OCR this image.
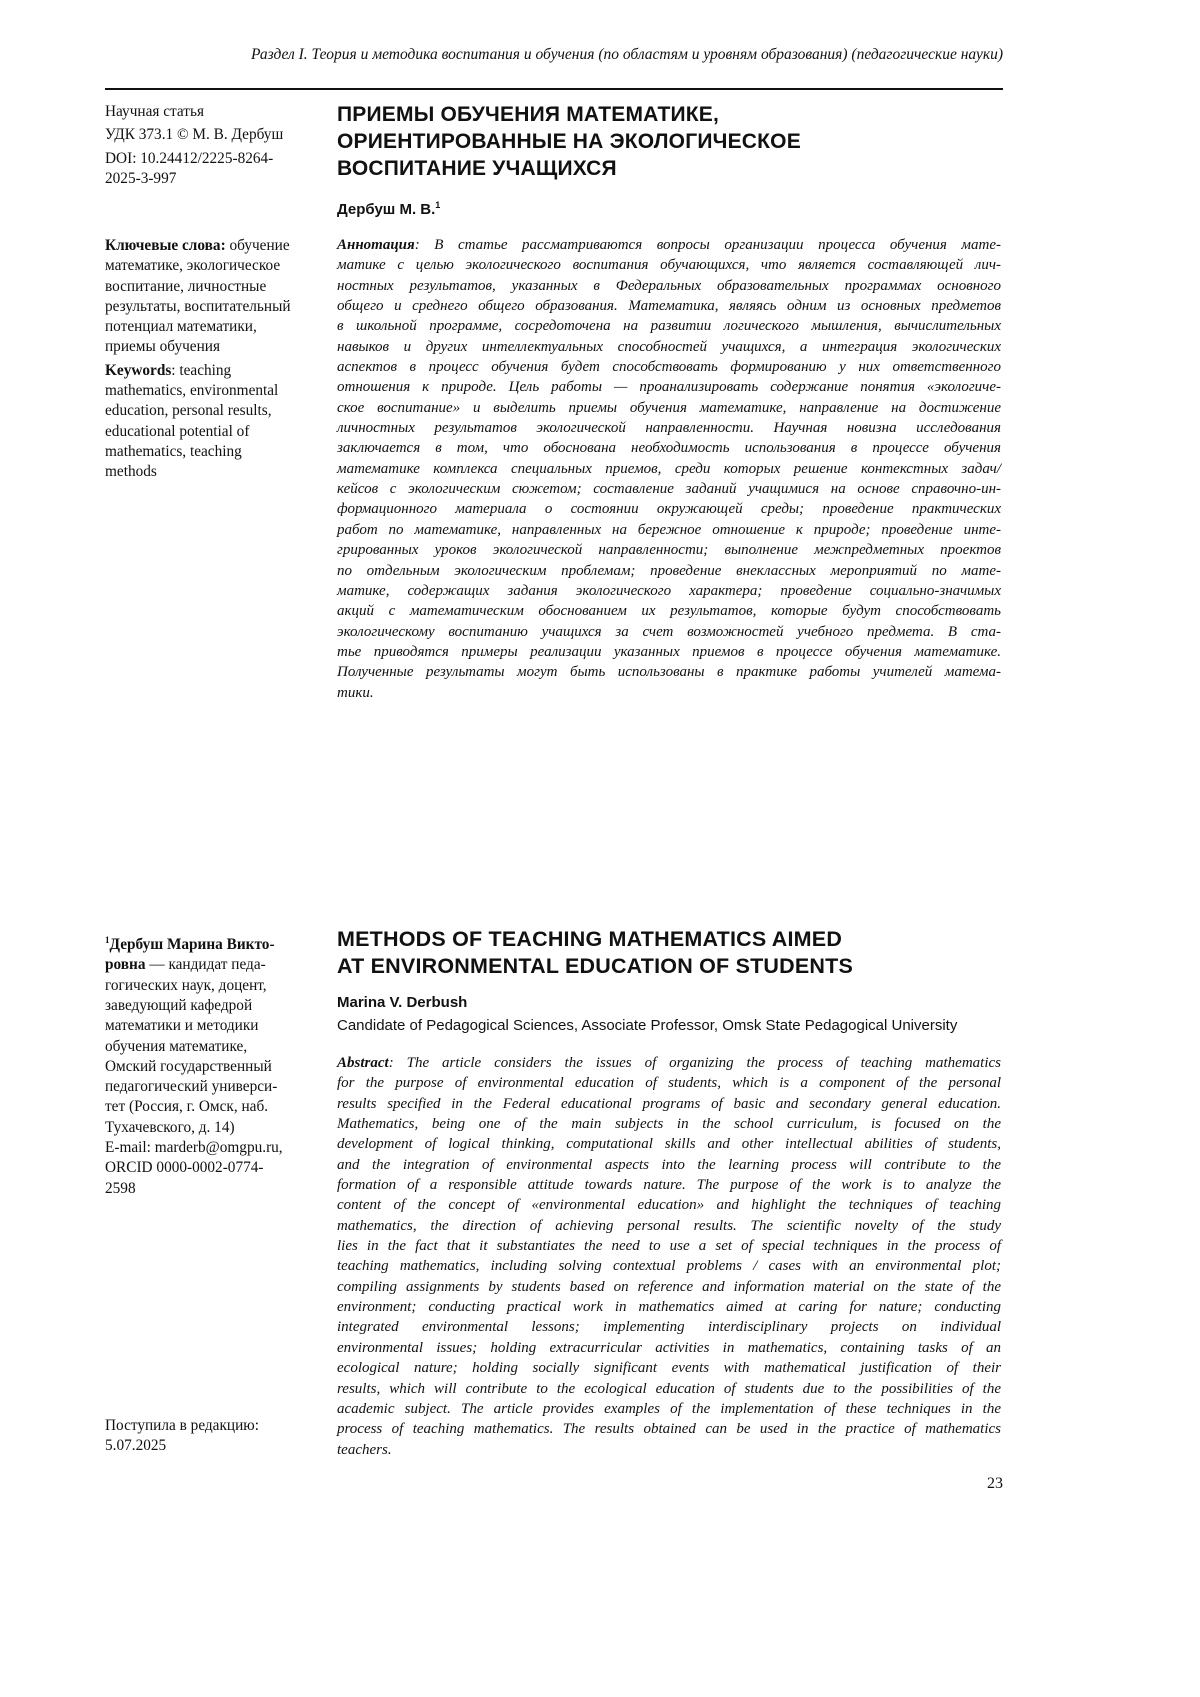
Раздел I. Теория и методика воспитания и обучения (по областям и уровням образования) (педагогические науки)
Научная статья
УДК 373.1 © М. В. Дербуш
DOI: 10.24412/2225-8264-
2025-3-997
Ключевые слова: обучение
математике, экологическое
воспитание, личностные
результаты, воспитательный
потенциал математики,
приемы обучения
Keywords: teaching
mathematics, environmental
education, personal results,
educational potential of
mathematics, teaching
methods
ПРИЕМЫ ОБУЧЕНИЯ МАТЕМАТИКЕ,
ОРИЕНТИРОВАННЫЕ НА ЭКОЛОГИЧЕСКОЕ
ВОСПИТАНИЕ УЧАЩИХСЯ
Дербуш М. В.1
Аннотация: В статье рассматриваются вопросы организации процесса обучения мате-
матике с целью экологического воспитания обучающихся, что является составляющей лич-
ностных результатов, указанных в Федеральных образовательных программах основного
общего и среднего общего образования. Математика, являясь одним из основных предметов
в школьной программе, сосредоточена на развитии логического мышления, вычислительных
навыков и других интеллектуальных способностей учащихся, а интеграция экологических
аспектов в процесс обучения будет способствовать формированию у них ответственного
отношения к природе. Цель работы — проанализировать содержание понятия «экологиче-
ское воспитание» и выделить приемы обучения математике, направление на достижение
личностных результатов экологической направленности. Научная новизна исследования
заключается в том, что обоснована необходимость использования в процессе обучения
математике комплекса специальных приемов, среди которых решение контекстных задач/
кейсов с экологическим сюжетом; составление заданий учащимися на основе справочно-ин-
формационного материала о состоянии окружающей среды; проведение практических
работ по математике, направленных на бережное отношение к природе; проведение инте-
грированных уроков экологической направленности; выполнение межпредметных проектов
по отдельным экологическим проблемам; проведение внеклассных мероприятий по мате-
матике, содержащих задания экологического характера; проведение социально-значимых
акций с математическим обоснованием их результатов, которые будут способствовать
экологическому воспитанию учащихся за счет возможностей учебного предмета. В ста-
тье приводятся примеры реализации указанных приемов в процессе обучения математике.
Полученные результаты могут быть использованы в практике работы учителей матема-
тики.
1Дербуш Марина Викто-
ровна — кандидат педа-
гогических наук, доцент,
заведующий кафедрой
математики и методики
обучения математике,
Омский государственный
педагогический универси-
тет (Россия, г. Омск, наб.
Тухачевского, д. 14)
E-mail: marderb@omgpu.ru,
ORCID 0000-0002-0774-
2598
Поступила в редакцию:
5.07.2025
METHODS OF TEACHING MATHEMATICS AIMED
AT ENVIRONMENTAL EDUCATION OF STUDENTS
Marina V. Derbush
Candidate of Pedagogical Sciences, Associate Professor, Omsk State Pedagogical University
Abstract: The article considers the issues of organizing the process of teaching mathematics
for the purpose of environmental education of students, which is a component of the personal
results specified in the Federal educational programs of basic and secondary general education.
Mathematics, being one of the main subjects in the school curriculum, is focused on the
development of logical thinking, computational skills and other intellectual abilities of students,
and the integration of environmental aspects into the learning process will contribute to the
formation of a responsible attitude towards nature. The purpose of the work is to analyze the
content of the concept of «environmental education» and highlight the techniques of teaching
mathematics, the direction of achieving personal results. The scientific novelty of the study
lies in the fact that it substantiates the need to use a set of special techniques in the process of
teaching mathematics, including solving contextual problems / cases with an environmental plot;
compiling assignments by students based on reference and information material on the state of the
environment; conducting practical work in mathematics aimed at caring for nature; conducting
integrated environmental lessons; implementing interdisciplinary projects on individual
environmental issues; holding extracurricular activities in mathematics, containing tasks of an
ecological nature; holding socially significant events with mathematical justification of their
results, which will contribute to the ecological education of students due to the possibilities of the
academic subject. The article provides examples of the implementation of these techniques in the
process of teaching mathematics. The results obtained can be used in the practice of mathematics
teachers.
23
